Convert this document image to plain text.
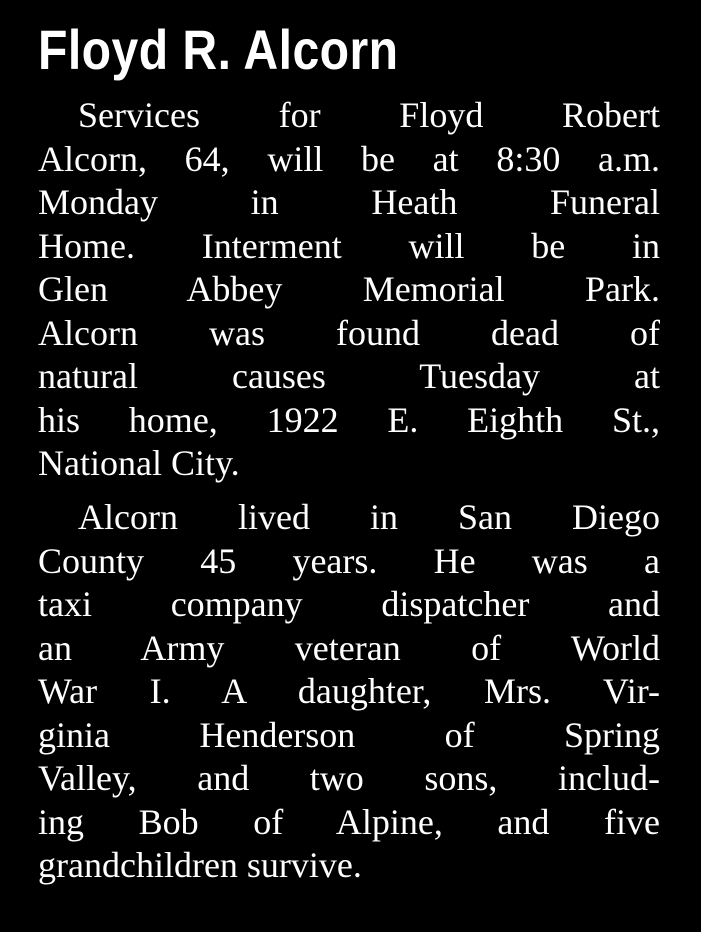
Floyd R. Alcorn
Services for Floyd Robert
Alcorn, 64, will be at 8:30 a.m.
Monday in Heath Funeral
Home. Interment will be in
Glen Abbey Memorial Park.
Alcorn was found dead of
natural causes Tuesday at
his home, 1922 E. Eighth St.,
National City.
Alcorn lived in San Diego
County 45 years. He was a
taxi company dispatcher and
an Army veteran of World
War I. A daughter, Mrs. Vir-
ginia Henderson of Spring
Valley, and two sons, includ-
ing Bob of Alpine, and five
grandchildren survive.
